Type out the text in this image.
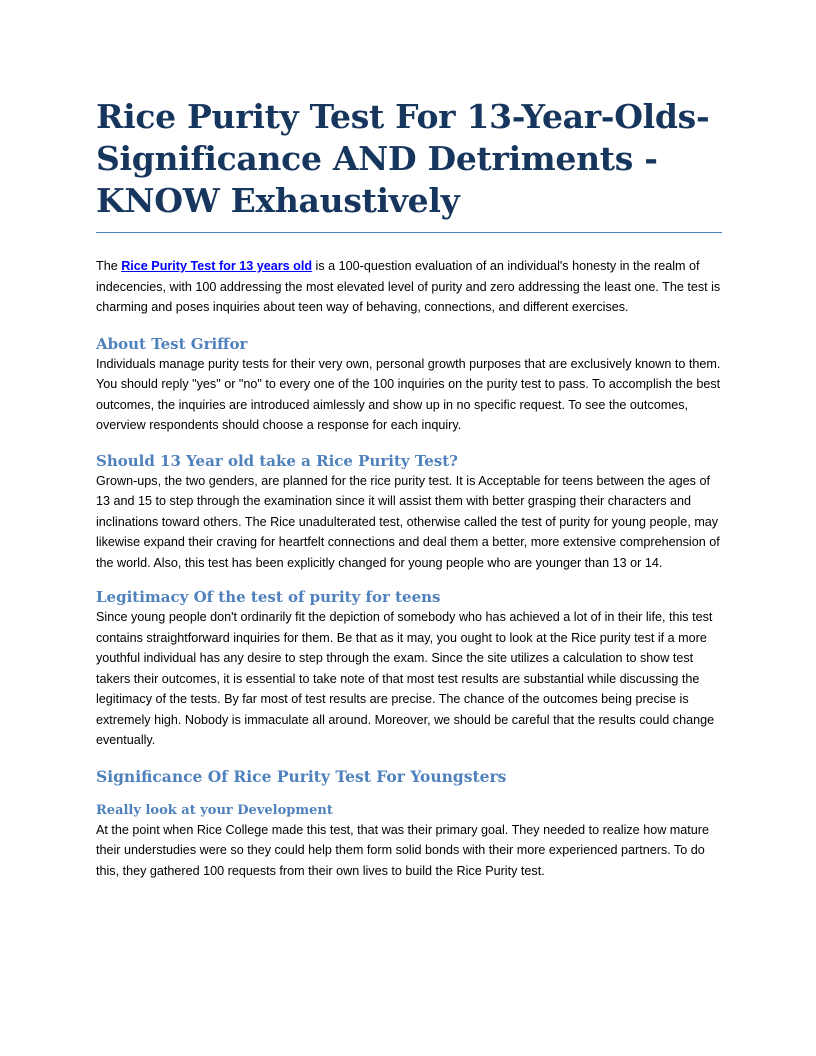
Rice Purity Test For 13-Year-Olds- Significance AND Detriments - KNOW Exhaustively

The Rice Purity Test for 13 years old is a 100-question evaluation of an individual's honesty in the realm of indecencies, with 100 addressing the most elevated level of purity and zero addressing the least one. The test is charming and poses inquiries about teen way of behaving, connections, and different exercises.

About Test Griffor

Individuals manage purity tests for their very own, personal growth purposes that are exclusively known to them. You should reply "yes" or "no" to every one of the 100 inquiries on the purity test to pass. To accomplish the best outcomes, the inquiries are introduced aimlessly and show up in no specific request. To see the outcomes, overview respondents should choose a response for each inquiry.

Should 13 Year old take a Rice Purity Test?

Grown-ups, the two genders, are planned for the rice purity test. It is Acceptable for teens between the ages of 13 and 15 to step through the examination since it will assist them with better grasping their characters and inclinations toward others. The Rice unadulterated test, otherwise called the test of purity for young people, may likewise expand their craving for heartfelt connections and deal them a better, more extensive comprehension of the world. Also, this test has been explicitly changed for young people who are younger than 13 or 14.

Legitimacy Of the test of purity for teens

Since young people don't ordinarily fit the depiction of somebody who has achieved a lot of in their life, this test contains straightforward inquiries for them. Be that as it may, you ought to look at the Rice purity test if a more youthful individual has any desire to step through the exam. Since the site utilizes a calculation to show test takers their outcomes, it is essential to take note of that most test results are substantial while discussing the legitimacy of the tests. By far most of test results are precise. The chance of the outcomes being precise is extremely high. Nobody is immaculate all around. Moreover, we should be careful that the results could change eventually.

Significance Of Rice Purity Test For Youngsters
Really look at your Development

At the point when Rice College made this test, that was their primary goal. They needed to realize how mature their understudies were so they could help them form solid bonds with their more experienced partners. To do this, they gathered 100 requests from their own lives to build the Rice Purity test.
